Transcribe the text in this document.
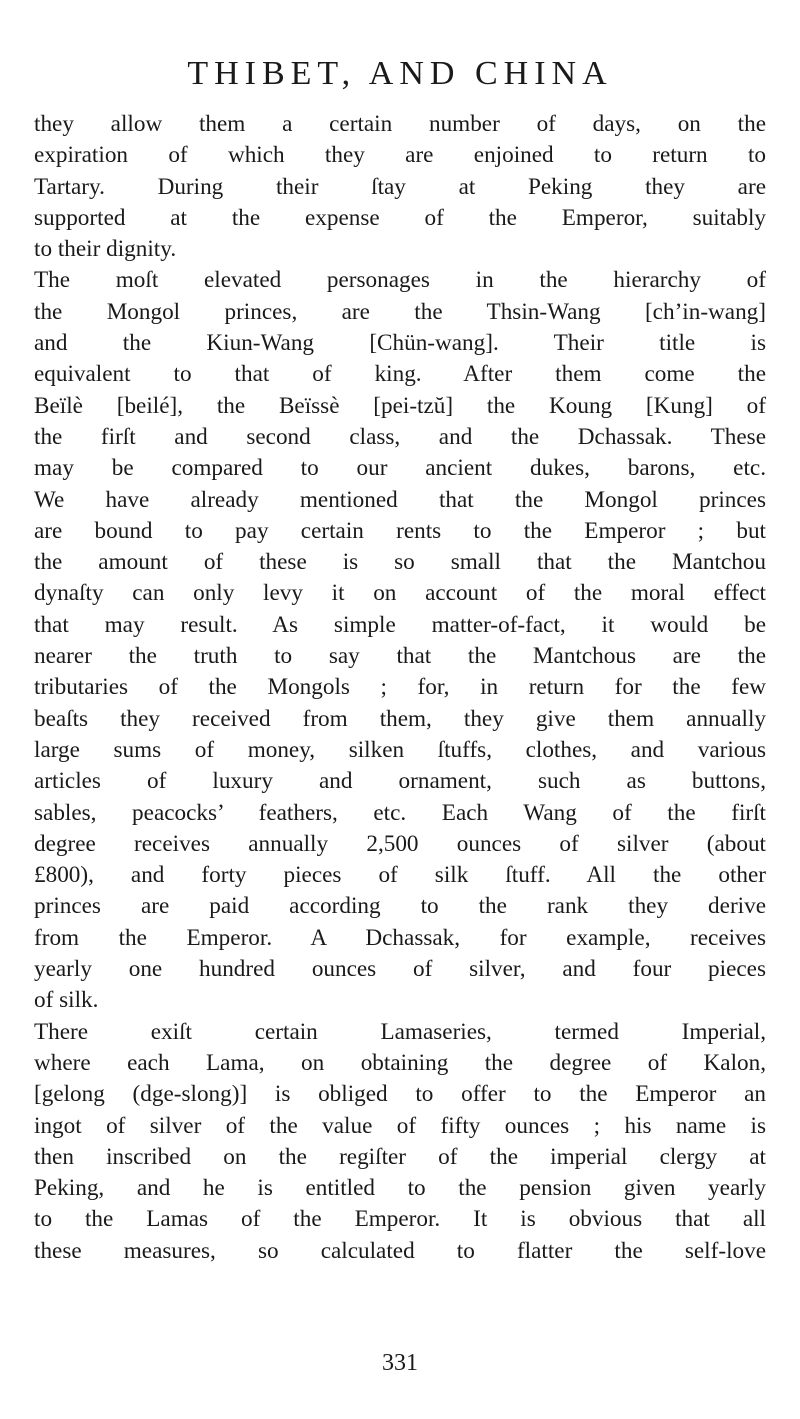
THIBET, AND CHINA
they allow them a certain number of days, on the
expiration of which they are enjoined to return to
Tartary. During their ſtay at Peking they are
supported at the expense of the Emperor, suitably
to their dignity.
The moſt elevated personages in the hierarchy of
the Mongol princes, are the Thsin-Wang [ch’in-wang]
and the Kiun-Wang [Chün-wang]. Their title is
equivalent to that of king. After them come the
Beïlè [beilé], the Beïssè [pei-tzŭ] the Koung [Kung] of
the firſt and second class, and the Dchassak. These
may be compared to our ancient dukes, barons, etc.
We have already mentioned that the Mongol princes
are bound to pay certain rents to the Emperor ; but
the amount of these is so small that the Mantchou
dynaſty can only levy it on account of the moral effect
that may result. As simple matter-of-fact, it would be
nearer the truth to say that the Mantchous are the
tributaries of the Mongols ; for, in return for the few
beaſts they received from them, they give them annually
large sums of money, silken ſtuffs, clothes, and various
articles of luxury and ornament, such as buttons,
sables, peacocks’ feathers, etc. Each Wang of the firſt
degree receives annually 2,500 ounces of silver (about
£800), and forty pieces of silk ſtuff. All the other
princes are paid according to the rank they derive
from the Emperor. A Dchassak, for example, receives
yearly one hundred ounces of silver, and four pieces
of silk.
There exiſt certain Lamaseries, termed Imperial,
where each Lama, on obtaining the degree of Kalon,
[gelong (dge-slong)] is obliged to offer to the Emperor an
ingot of silver of the value of fifty ounces ; his name is
then inscribed on the regiſter of the imperial clergy at
Peking, and he is entitled to the pension given yearly
to the Lamas of the Emperor. It is obvious that all
these measures, so calculated to flatter the self-love
331
